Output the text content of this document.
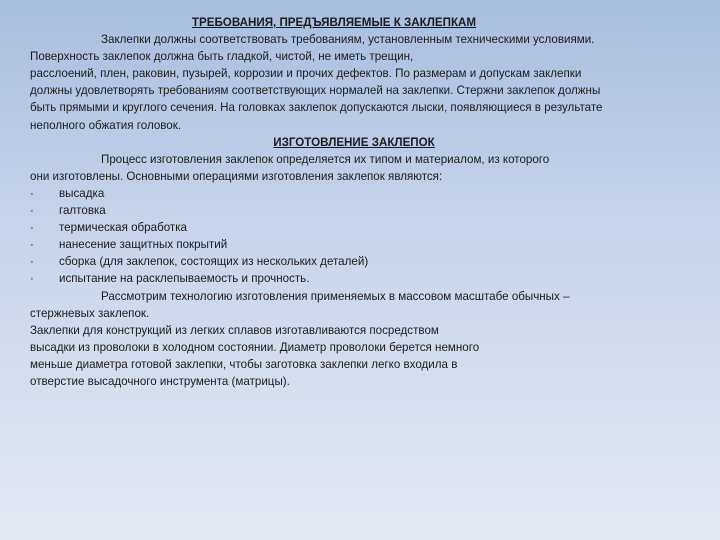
ТРЕБОВАНИЯ, ПРЕДЪЯВЛЯЕМЫЕ К ЗАКЛЕПКАМ

Заклепки должны соответствовать требованиям, установленным техническими условиями.

Поверхность заклепок должна быть гладкой, чистой, не иметь трещин,

расслоений, плен, раковин, пузырей, коррозии и прочих дефектов. По размерам и допускам заклепки

должны удовлетворять требованиям соответствующих нормалей на заклепки. Стержни заклепок должны

быть прямыми и круглого сечения. На головках заклепок допускаются лыски, появляющиеся в результате

неполного обжатия головок.

ИЗГОТОВЛЕНИЕ ЗАКЛЕПОК

Процесс изготовления заклепок определяется их типом и материалом, из которого

они изготовлены. Основными операциями изготовления заклепок являются:

·	высадка
·	галтовка
·	термическая обработка
·	нанесение защитных покрытий
·	сборка (для заклепок, состоящих из нескольких деталей)
·	испытание на расклепываемость и прочность.

Рассмотрим технологию изготовления применяемых в массовом масштабе обычных –

стержневых заклепок.

Заклепки для конструкций из легких сплавов изготавливаются посредством

высадки из проволоки в холодном состоянии. Диаметр проволоки берется немного

меньше диаметра готовой заклепки, чтобы заготовка заклепки легко входила в

отверстие высадочного инструмента (матрицы).
